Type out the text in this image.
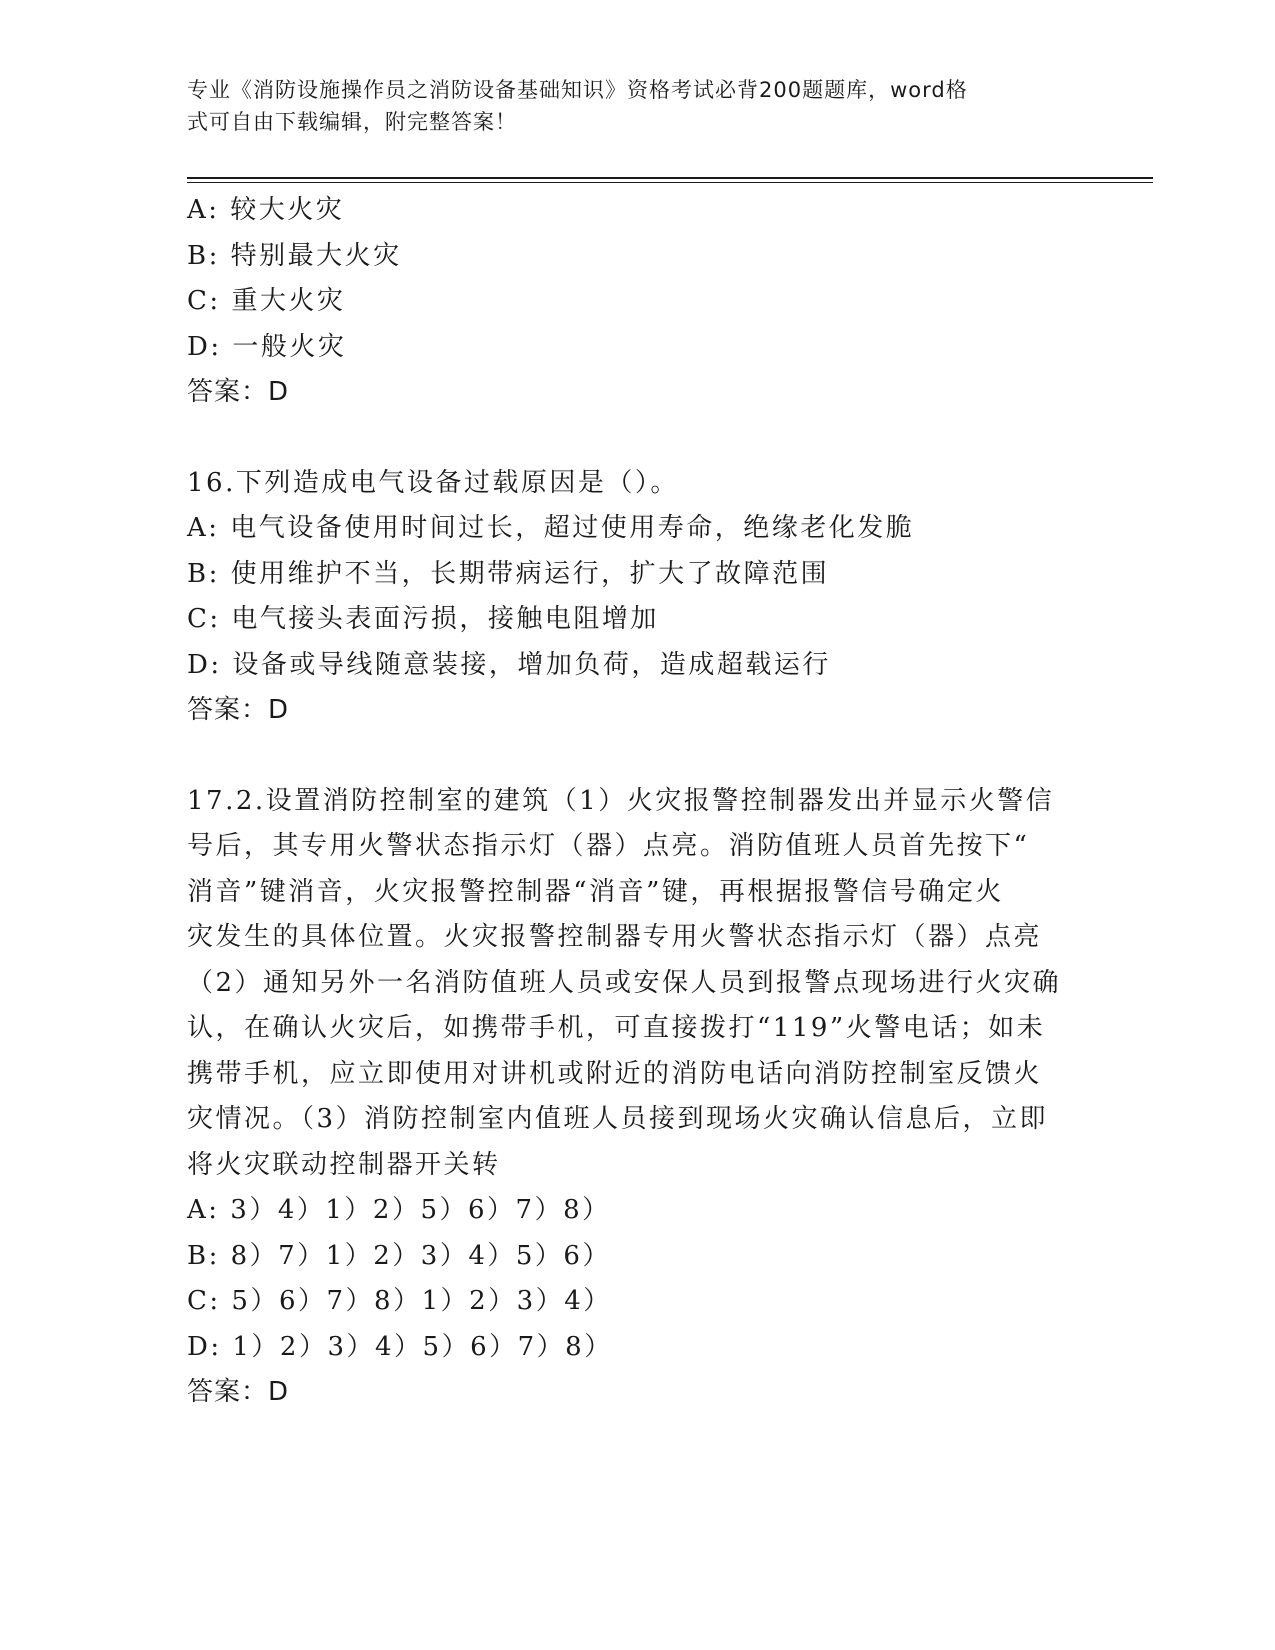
专业《消防设施操作员之消防设备基础知识》资格考试必背200题题库，word格
式可自由下载编辑，附完整答案！
A: 较大火灾
B: 特别最大火灾
C: 重大火灾
D: 一般火灾
答案：D
16.下列造成电气设备过载原因是（）。
A: 电气设备使用时间过长，超过使用寿命，绝缘老化发脆
B: 使用维护不当，长期带病运行，扩大了故障范围
C: 电气接头表面污损，接触电阻增加
D: 设备或导线随意装接，增加负荷，造成超载运行
答案：D
17.2.设置消防控制室的建筑（1）火灾报警控制器发出并显示火警信
号后，其专用火警状态指示灯（器）点亮。消防值班人员首先按下“
消音”键消音，火灾报警控制器“消音”键，再根据报警信号确定火
灾发生的具体位置。火灾报警控制器专用火警状态指示灯（器）点亮
（2）通知另外一名消防值班人员或安保人员到报警点现场进行火灾确
认，在确认火灾后，如携带手机，可直接拨打“119”火警电话；如未
携带手机，应立即使用对讲机或附近的消防电话向消防控制室反馈火
灾情况。（3）消防控制室内值班人员接到现场火灾确认信息后，立即
将火灾联动控制器开关转
A: 3）4）1）2）5）6）7）8）
B: 8）7）1）2）3）4）5）6）
C: 5）6）7）8）1）2）3）4）
D: 1）2）3）4）5）6）7）8）
答案：D
